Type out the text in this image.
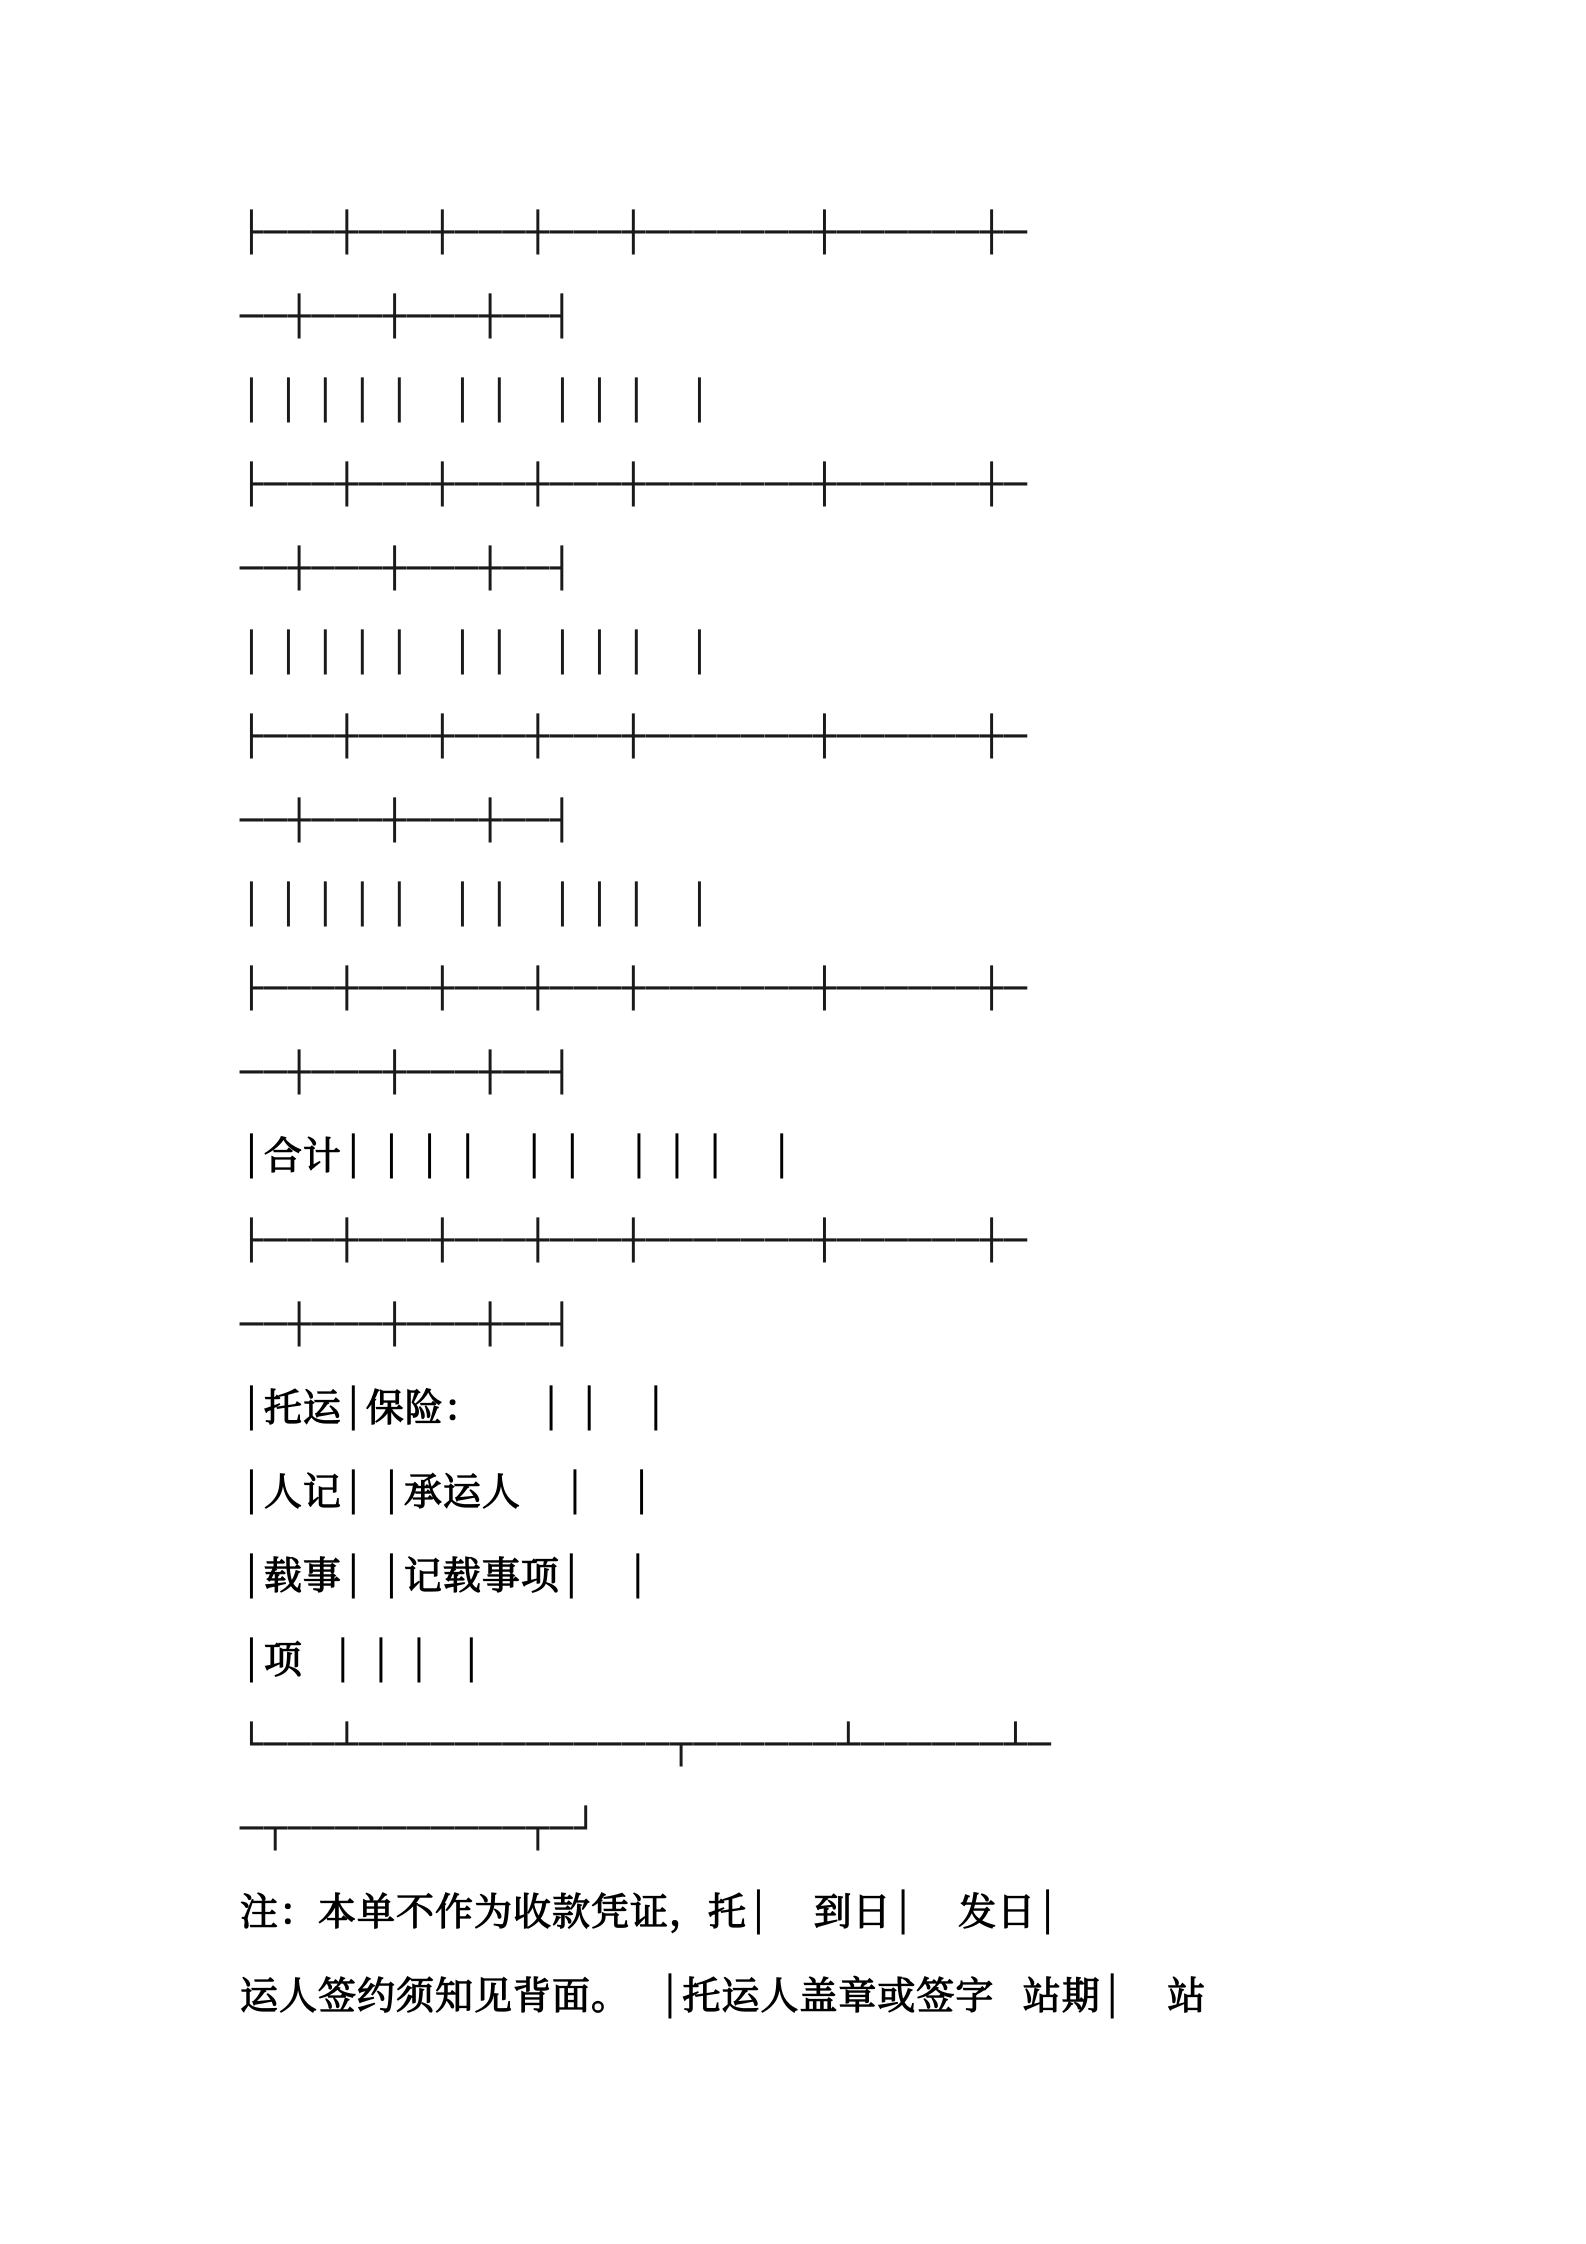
├───┼───┼───┼───┼───────┼──────┼─
──┼───┼───┼──┤
│ │ │ │ │   │ │   │ │ │   │
├───┼───┼───┼───┼───────┼──────┼─
──┼───┼───┼──┤
│ │ │ │ │   │ │   │ │ │   │
├───┼───┼───┼───┼───────┼──────┼─
──┼───┼───┼──┤
│ │ │ │ │   │ │   │ │ │   │
├───┼───┼───┼───┼───────┼──────┼─
──┼───┼───┼──┤
│合计│ │ │ │   │ │   │ │ │   │
├───┼───┼───┼───┼───────┼──────┼─
──┼───┼───┼──┤
│托运│保险：    │ │   │
│人记│ │承运人   │   │
│载事│ │记载事项│   │
│项  │ │ │  │
└───┴─────────────┬──────┴──────┴─
─┬──────────┬─┘
注：本单不作为收款凭证，托│   到日│   发日│
运人签约须知见背面。  │托运人盖章或签字  站期│   站
